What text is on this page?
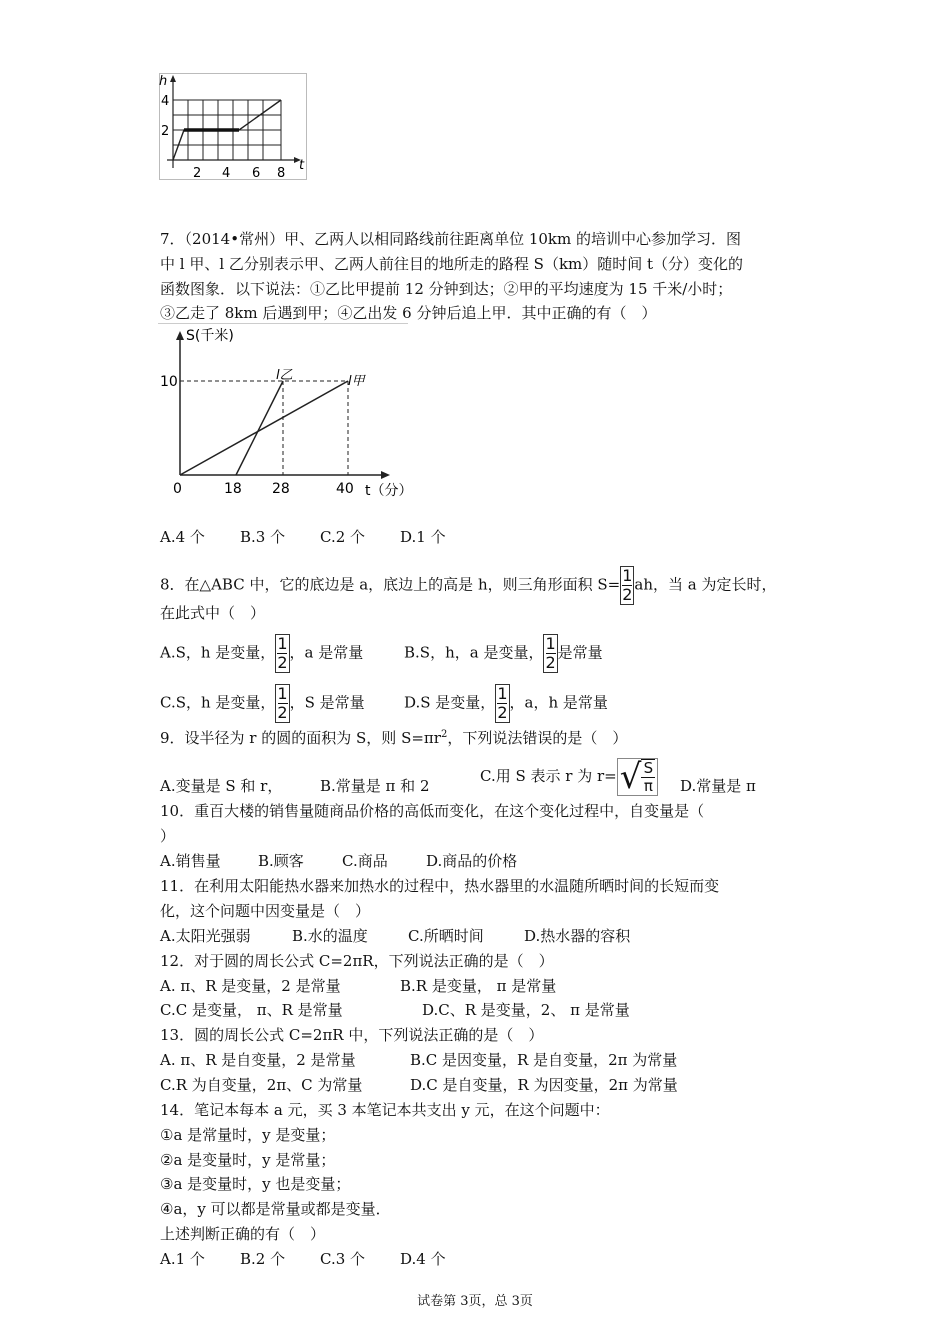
h
4
2
t
2 4 6 8
7．（2014•常州）甲、乙两人以相同路线前往距离单位 10km 的培训中心参加学习．图
中 l 甲、l 乙分别表示甲、乙两人前往目的地所走的路程 S（km）随时间 t（分）变化的
函数图象．以下说法：①乙比甲提前 12 分钟到达；②甲的平均速度为 15 千米/小时；
③乙走了 8km 后遇到甲；④乙出发 6 分钟后追上甲．其中正确的有（　）
S(千米)
l乙	l甲
10
0	18 28	40 t（分）
A.4 个 B.3 个 C.2 个 D.1 个
8．在△ABC 中，它的底边是 a，底边上的高是 h，则三角形面积 $S= \frac{1}{2}$ ah，当 a 为定长时，
在此式中（　）
A.S，h 是变量， $\frac{1}{2}$ ，a 是常量	B.S，h，a 是变量， $\frac{1}{2}$ 是常量
C.S，h 是变量， $\frac{1}{2}$ ，S 是常量	D.S 是变量， $\frac{1}{2}$ ，a，h 是常量
9．设半径为 r 的圆的面积为 S，则 $S=\pi r^2$，下列说法错误的是（　）
A.变量是 S 和 r，	B.常量是 π 和 2
C.用 S 表示 r 为 r= √ S
π D.常量是 π
10．重百大楼的销售量随商品价格的高低而变化，在这个变化过程中，自变量是（
）
A.销售量 B.顾客	C.商品	D.商品的价格
11．在利用太阳能热水器来加热水的过程中，热水器里的水温随所晒时间的长短而变
化，这个问题中因变量是（　）
A.太阳光强弱	B.水的温度	C.所晒时间	D.热水器的容积
12．对于圆的周长公式 C=2πR，下列说法正确的是（　）
A. π、R 是变量，2 是常量	B.R 是变量， π 是常量
C.C 是变量， π、R 是常量	D.C、R 是变量，2、 π 是常量
13．圆的周长公式 C=2πR 中，下列说法正确的是（　）
A. π、R 是自变量，2 是常量	B.C 是因变量，R 是自变量，2π 为常量
C.R 为自变量，2π、C 为常量	D.C 是自变量，R 为因变量，2π 为常量
14．笔记本每本 a 元，买 3 本笔记本共支出 y 元，在这个问题中：
①a 是常量时，y 是变量；
②a 是变量时，y 是常量；
③a 是变量时，y 也是变量；
④a，y 可以都是常量或都是变量．
上述判断正确的有（　）
A.1 个 B.2 个 C.3 个 D.4 个
试卷第 3页，总 3页
